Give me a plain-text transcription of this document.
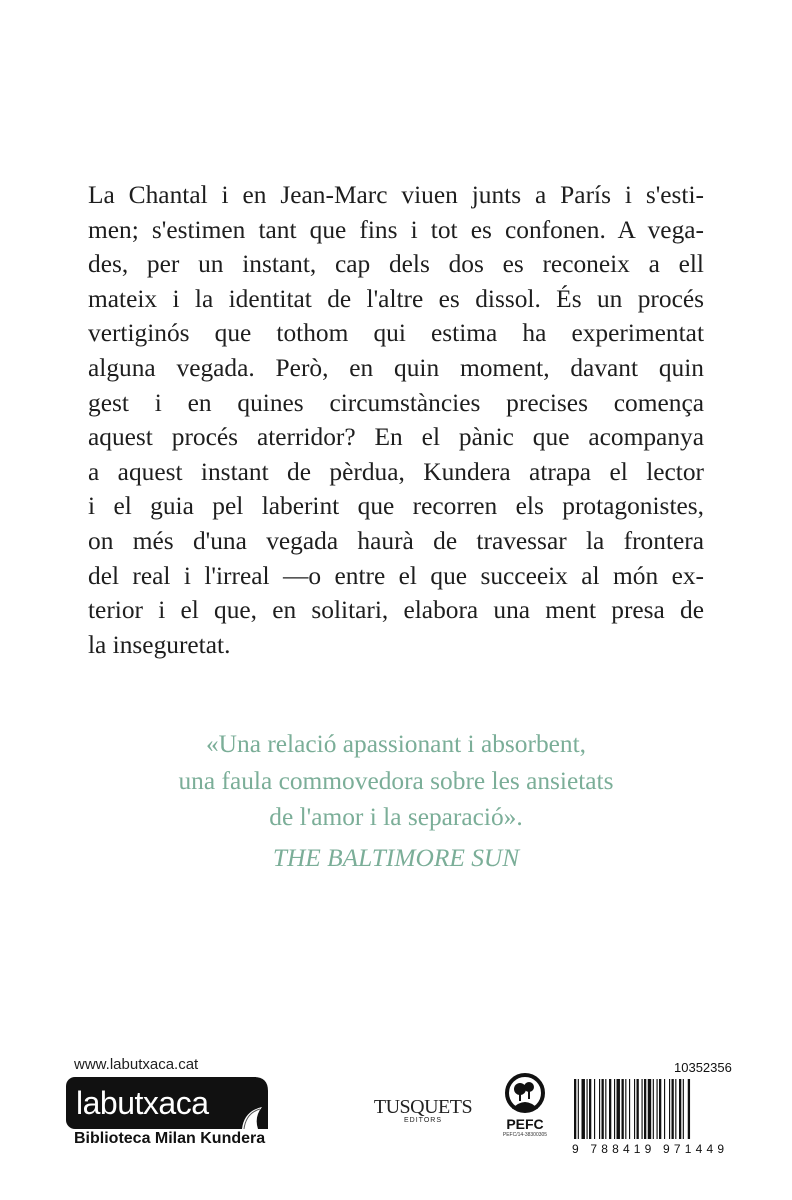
La Chantal i en Jean-Marc viuen junts a París i s'esti-
men; s'estimen tant que fins i tot es confonen. A vega-
des, per un instant, cap dels dos es reconeix a ell
mateix i la identitat de l'altre es dissol. És un procés
vertiginós que tothom qui estima ha experimentat
alguna vegada. Però, en quin moment, davant quin
gest i en quines circumstàncies precises comença
aquest procés aterridor? En el pànic que acompanya
a aquest instant de pèrdua, Kundera atrapa el lector
i el guia pel laberint que recorren els protagonistes,
on més d'una vegada haurà de travessar la frontera
del real i l'irreal —o entre el que succeeix al món ex-
terior i el que, en solitari, elabora una ment presa de
la inseguretat.
«Una relació apassionant i absorbent,
una faula commovedora sobre les ansietats
de l'amor i la separació».
THE BALTIMORE SUN
www.labutxaca.cat
labutxaca
Biblioteca Milan Kundera
TUSQUETS
EDITORS	PEFC
PEFC/14-38300305
10352356
9 788419 971449
